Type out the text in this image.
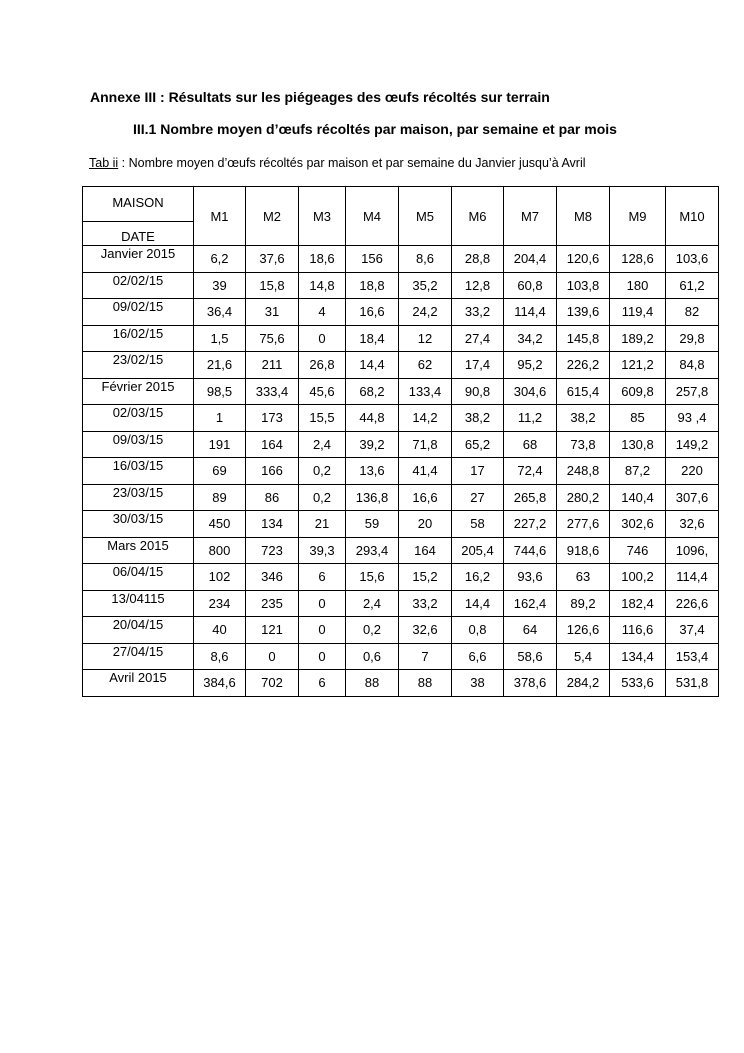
Annexe III : Résultats sur les piégeages des œufs récoltés sur terrain
III.1 Nombre moyen d’œufs récoltés par maison, par semaine et par mois
Tab ii : Nombre moyen d’œufs récoltés par maison et par semaine du Janvier jusqu’à Avril
MAISON
DATE	M1	M2	M3	M4	M5	M6	M7	M8	M9	M10
Janvier 2015	6,2	37,6	18,6	156	8,6	28,8	204,4	120,6	128,6	103,6
02/02/15	39	15,8	14,8	18,8	35,2	12,8	60,8	103,8	180	61,2
09/02/15	36,4	31	4	16,6	24,2	33,2	114,4	139,6	119,4	82
16/02/15	1,5	75,6	0	18,4	12	27,4	34,2	145,8	189,2	29,8
23/02/15	21,6	211	26,8	14,4	62	17,4	95,2	226,2	121,2	84,8
Février 2015	98,5	333,4	45,6	68,2	133,4	90,8	304,6	615,4	609,8	257,8
02/03/15	1	173	15,5	44,8	14,2	38,2	11,2	38,2	85	93 ,4
09/03/15	191	164	2,4	39,2	71,8	65,2	68	73,8	130,8	149,2
16/03/15	69	166	0,2	13,6	41,4	17	72,4	248,8	87,2	220
23/03/15	89	86	0,2	136,8	16,6	27	265,8	280,2	140,4	307,6
30/03/15	450	134	21	59	20	58	227,2	277,6	302,6	32,6
Mars 2015	800	723	39,3	293,4	164	205,4	744,6	918,6	746	1096,
06/04/15	102	346	6	15,6	15,2	16,2	93,6	63	100,2	114,4
13/04115	234	235	0	2,4	33,2	14,4	162,4	89,2	182,4	226,6
20/04/15	40	121	0	0,2	32,6	0,8	64	126,6	116,6	37,4
27/04/15	8,6	0	0	0,6	7	6,6	58,6	5,4	134,4	153,4
Avril 2015	384,6	702	6	88	88	38	378,6	284,2	533,6	531,8
